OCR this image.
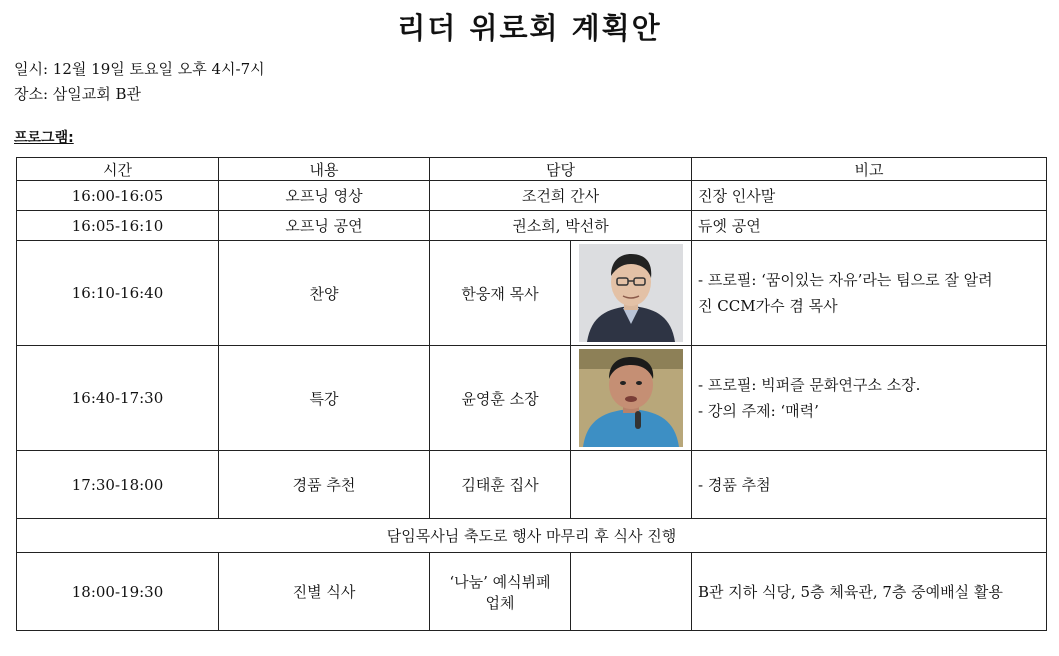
리더 위로회 계획안
일시: 12월 19일 토요일 오후 4시-7시
장소: 삼일교회 B관
프로그램:
시간	내용	담당		비고
16:00-16:05	오프닝 영상	조건희 간사		진장 인사말
16:05-16:10	오프닝 공연	권소희, 박선하		듀엣 공연
16:10-16:40	찬양	한웅재 목사		- 프로필: ‘꿈이있는 자유’라는 팀으로 잘 알려
진 CCM가수 겸 목사

16:40-17:30	특강	윤영훈 소장		- 프로필: 빅퍼즐 문화연구소 소장.
- 강의 주제: ‘매력’

17:30-18:00	경품 추천	김태훈 집사		- 경품 추첨
담임목사님 축도로 행사 마무리 후 식사 진행				
18:00-19:30	진별 식사	‘나눔’ 예식뷔페
업체		B관 지하 식당, 5층 체육관, 7층 중예배실 활용
